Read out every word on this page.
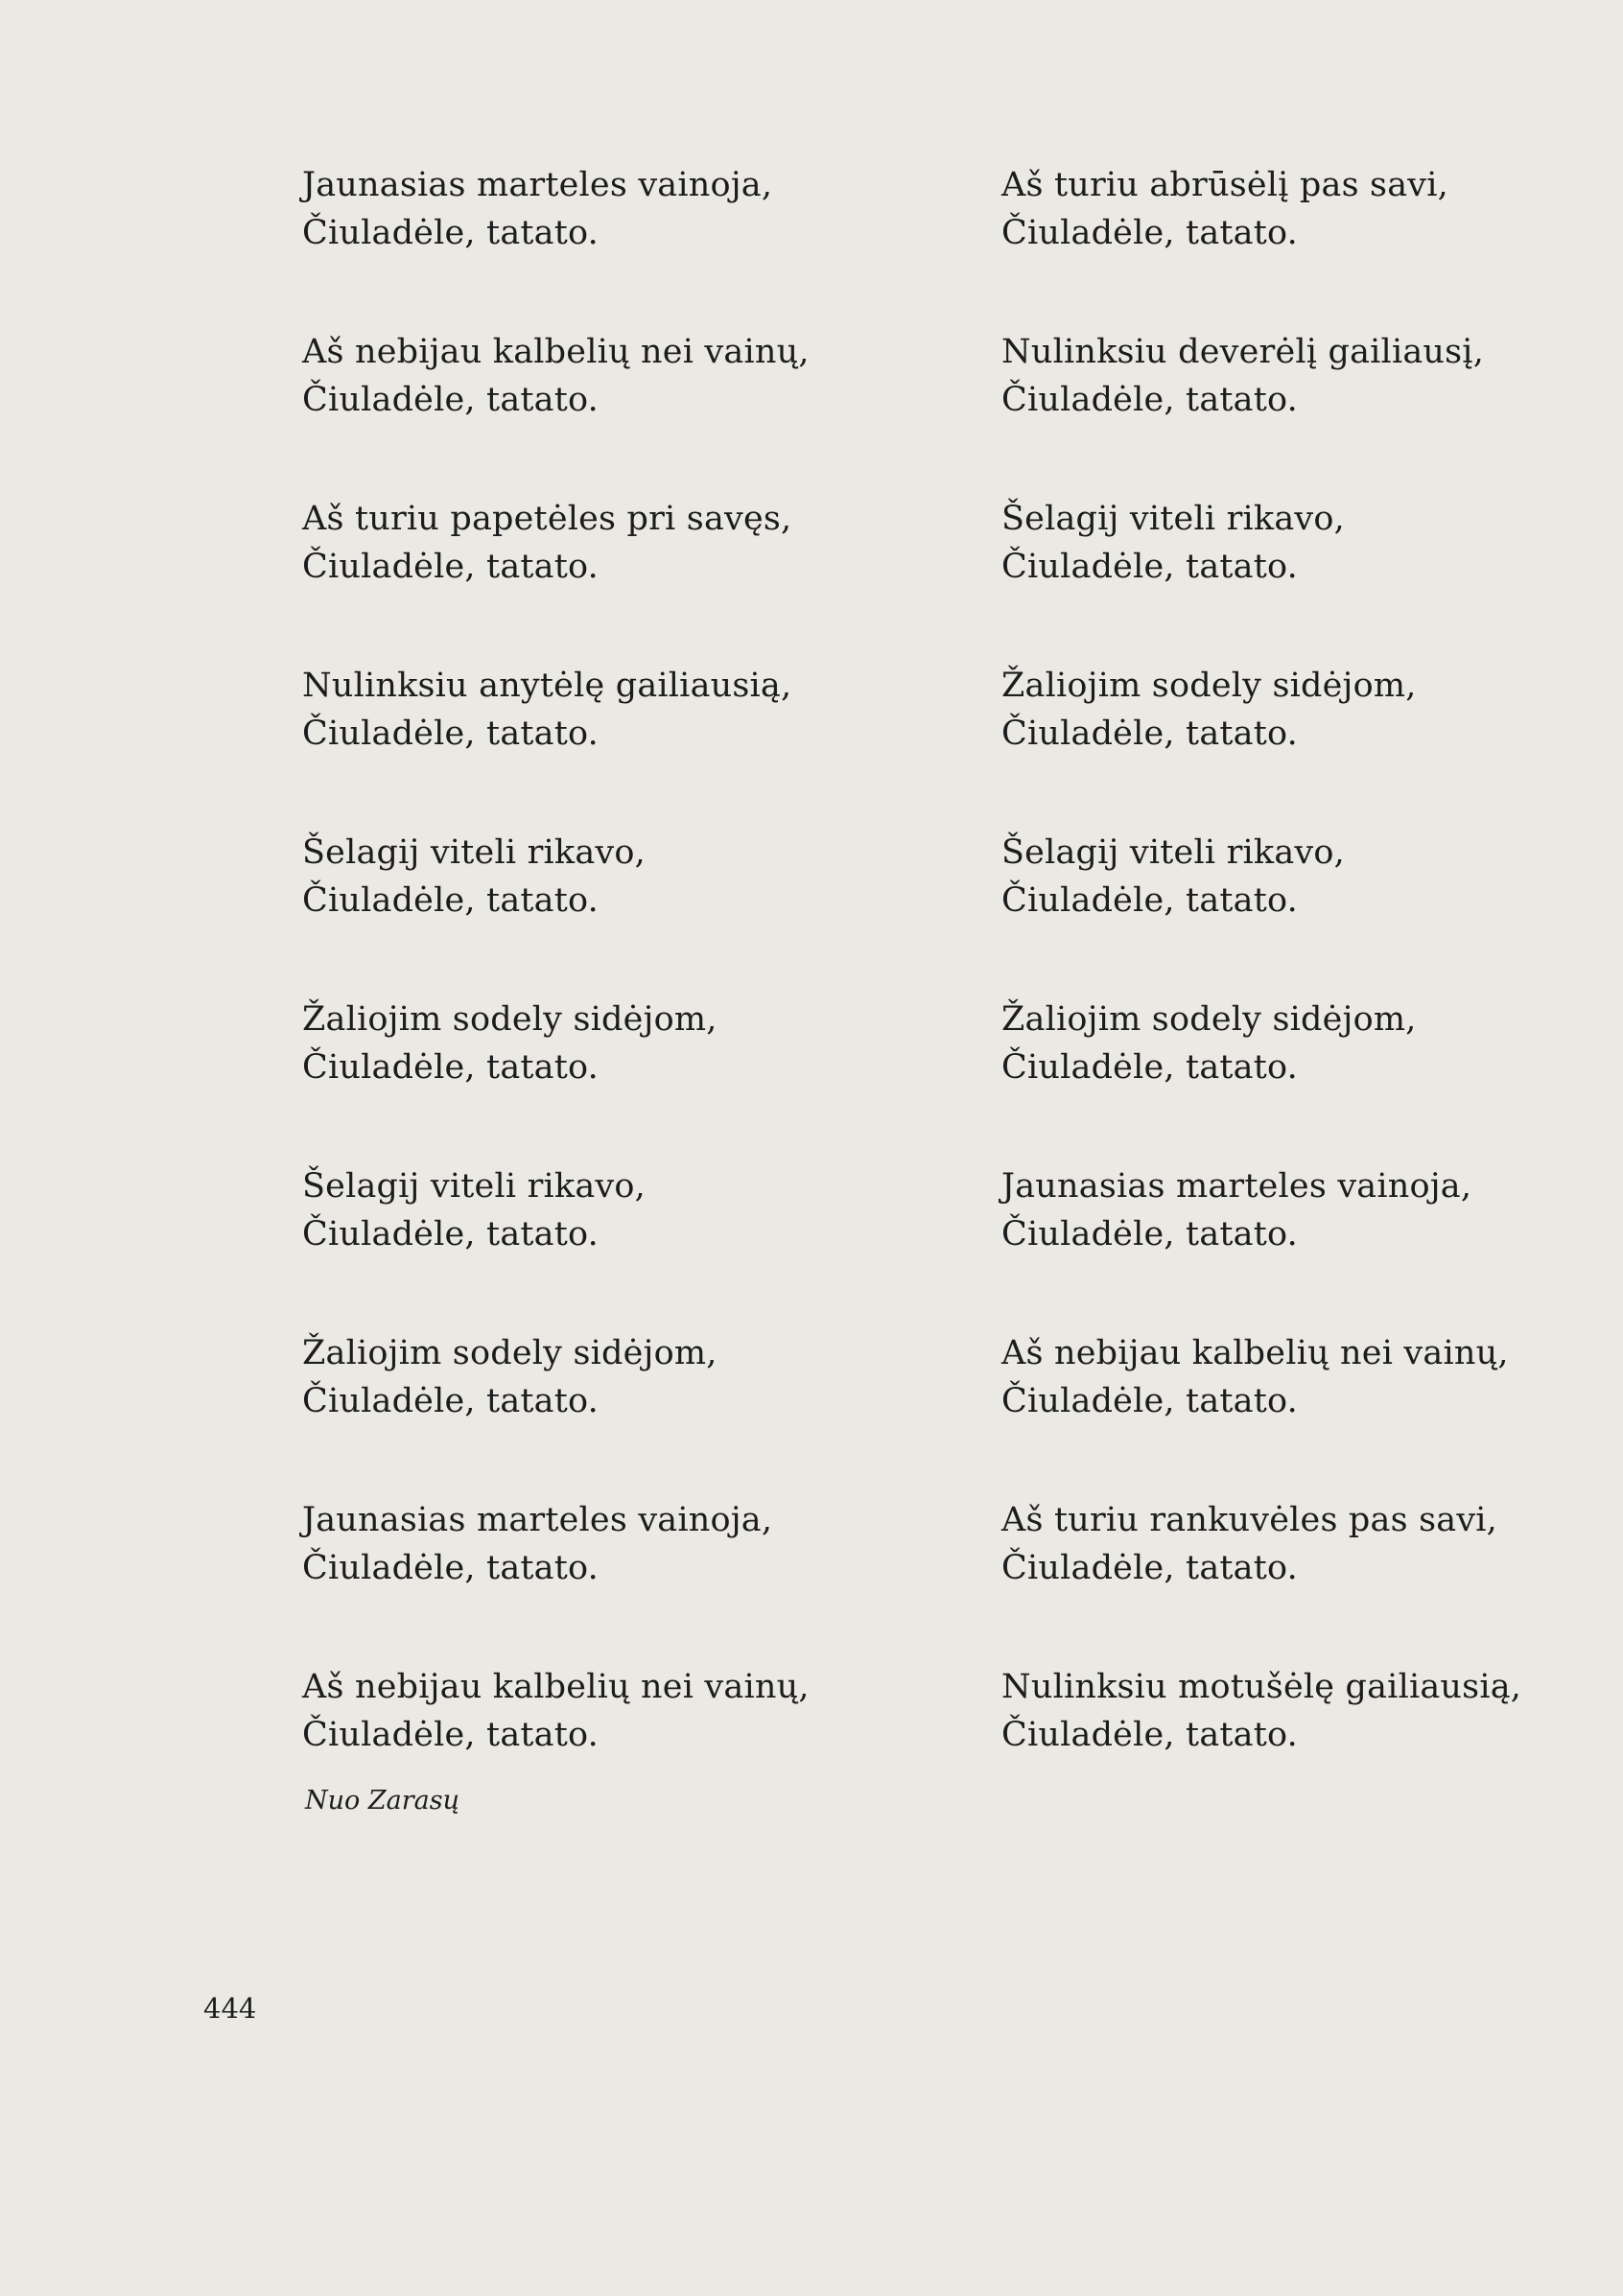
Jaunasias marteles vainoja,
Čiuladėle, tatato.
Aš nebijau kalbelių nei vainų,
Čiuladėle, tatato.
Aš turiu papetėles pri savęs,
Čiuladėle, tatato.
Nulinksiu anytėlę gailiausią,
Čiuladėle, tatato.
Šelagij viteli rikavo,
Čiuladėle, tatato.
Žaliojim sodely sidėjom,
Čiuladėle, tatato.
Šelagij viteli rikavo,
Čiuladėle, tatato.
Žaliojim sodely sidėjom,
Čiuladėle, tatato.
Jaunasias marteles vainoja,
Čiuladėle, tatato.
Aš nebijau kalbelių nei vainų,
Čiuladėle, tatato.
Aš turiu abrūsėlį pas savi,
Čiuladėle, tatato.
Nulinksiu deverėlį gailiausį,
Čiuladėle, tatato.
Šelagij viteli rikavo,
Čiuladėle, tatato.
Žaliojim sodely sidėjom,
Čiuladėle, tatato.
Šelagij viteli rikavo,
Čiuladėle, tatato.
Žaliojim sodely sidėjom,
Čiuladėle, tatato.
Jaunasias marteles vainoja,
Čiuladėle, tatato.
Aš nebijau kalbelių nei vainų,
Čiuladėle, tatato.
Aš turiu rankuvėles pas savi,
Čiuladėle, tatato.
Nulinksiu motušėlę gailiausią,
Čiuladėle, tatato.
Nuo Zarasų
444
